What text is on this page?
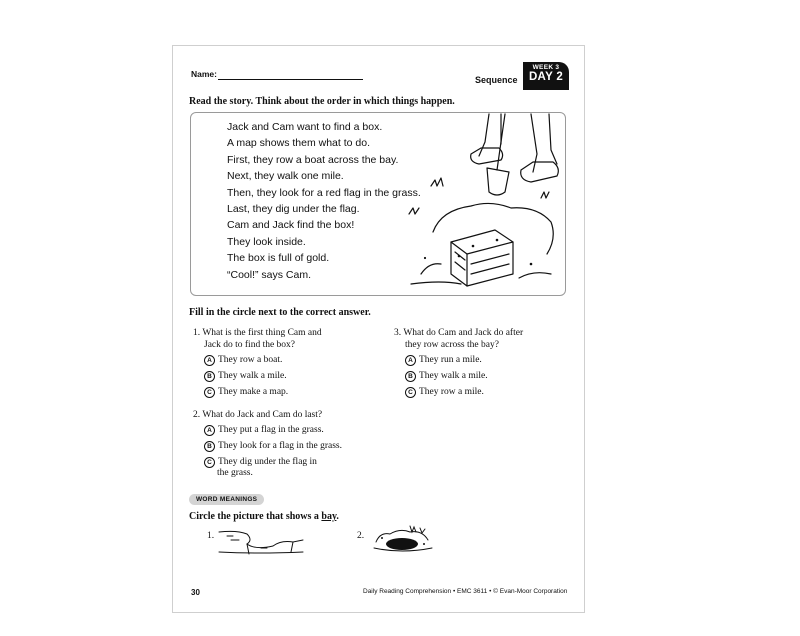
Name:
Sequence
WEEK 3
DAY 2
Read the story. Think about the order in which things happen.
Jack and Cam want to find a box.
A map shows them what to do.
First, they row a boat across the bay.
Next, they walk one mile.
Then, they look for a red flag in the grass.
Last, they dig under the flag.
Cam and Jack find the box!
They look inside.
The box is full of gold.
“Cool!” says Cam.
Fill in the circle next to the correct answer.
1. What is the first thing Cam and
Jack do to find the box?
A They row a boat.
B They walk a mile.
C They make a map.
2. What do Jack and Cam do last?
A They put a flag in the grass.
B They look for a flag in the grass.
C They dig under the flag in
the grass.
3. What do Cam and Jack do after
they row across the bay?
A They run a mile.
B They walk a mile.
C They row a mile.
WORD MEANINGS
Circle the picture that shows a bay.
1.	2.
30	Daily Reading Comprehension • EMC 3611 • © Evan-Moor Corporation
